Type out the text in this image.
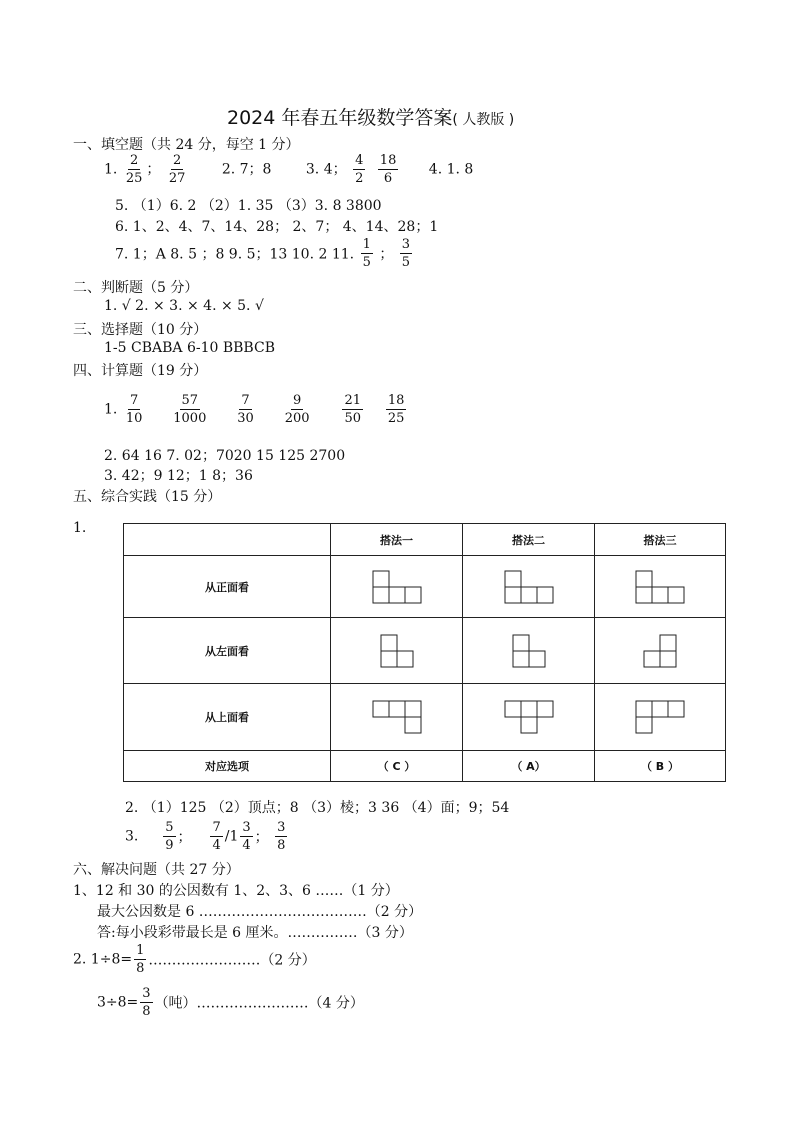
2024 年春五年级数学答案( 人教版 )
一、填空题（共 24 分，每空 1 分）
1. $\frac{2}{25}$ ； $\frac{2}{27} 2$. 7；8 3. 4； $\frac{4}{2}$
$\frac{18}{6} 4$. 1. 8
5. （1）6. 2 （2）1. 35 （3）3. 8 3800
6. 1、2、4、7、14、28； 2、7； 4、14、28；1
7. 1；A 8. 5 ；8 9. 5；13 10. 2 11. $\frac{1}{5}$ ； $\frac{3}{5}$
二、判断题（5 分）
1. √ 2. × 3. × 4. × 5. √
三、选择题（10 分）
1-5 CBABA 6-10 BBBCB
四、计算题（19 分）
1. $\frac{7}{10}$
$\frac{57}{1000}$
$\frac{7}{30}$
$\frac{9}{200}$
$\frac{21}{50}$
$\frac{18}{25}$
2. 64 16 7. 02；7020 15 125 2700
3. 42；9 12；1 8；36
五、综合实践（15 分）
1.
	搭法一	搭法二	搭法三
从正面看	

从左面看	

从上面看	

对应选项	（ C ）	（ A）	（ B ）
2. （1）125 （2）顶点；8 （3）棱；3 36 （4）面；9；54
3. $\frac{5}{9}$ ； $\frac{7}{4} /1 \frac{3}{4}$ ； $\frac{3}{8}$
六、解决问题（共 27 分）
1、12 和 30 的公因数有 1、2、3、6 ……（1 分）
最大公因数是 6 ………………………………（2 分）
答:每小段彩带最长是 6 厘米。……………（3 分）
2. $1\div 8= \frac{1}{8}$ ……………………（2 分）
$3\div 8= \frac{3}{8}$ （吨）……………………（4 分）
